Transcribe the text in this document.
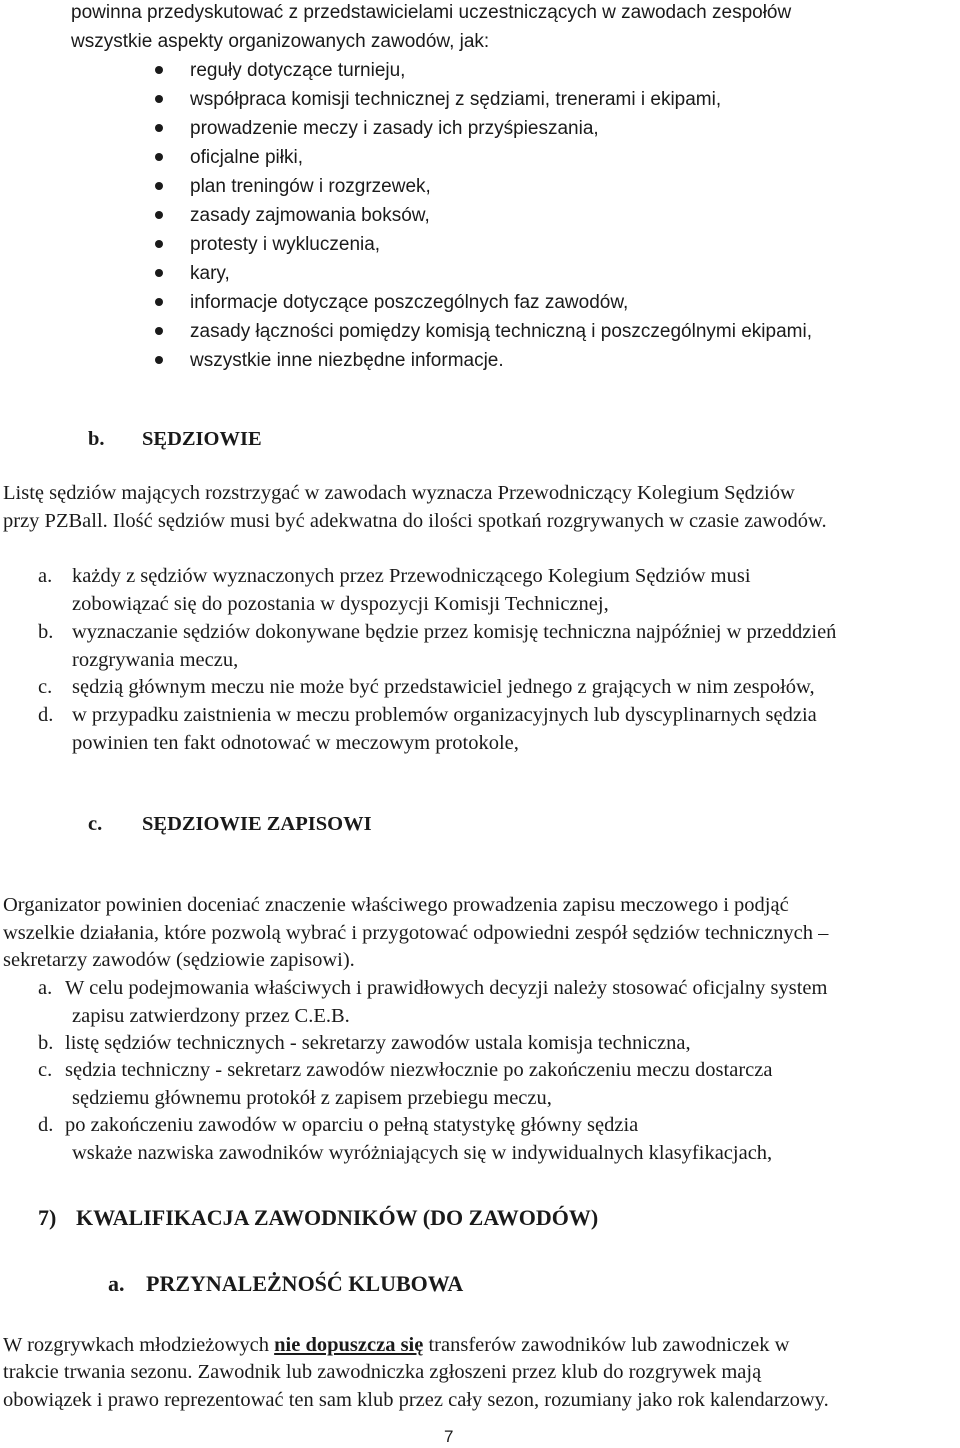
powinna przedyskutować z przedstawicielami uczestniczących w zawodach zespołów
wszystkie aspekty organizowanych zawodów, jak:
reguły dotyczące turnieju,
współpraca komisji technicznej z sędziami, trenerami i ekipami,
prowadzenie meczy i zasady ich przyśpieszania,
oficjalne piłki,
plan treningów i rozgrzewek,
zasady zajmowania boksów,
protesty i wykluczenia,
kary,
informacje dotyczące poszczególnych faz zawodów,
zasady łączności pomiędzy komisją techniczną i poszczególnymi ekipami,
wszystkie inne niezbędne informacje.
b. SĘDZIOWIE
Listę sędziów mających rozstrzygać w zawodach wyznacza Przewodniczący Kolegium Sędziów
przy PZBall. Ilość sędziów musi być adekwatna do ilości spotkań rozgrywanych w czasie zawodów.
a. każdy z sędziów wyznaczonych przez Przewodniczącego Kolegium Sędziów musi
zobowiązać się do pozostania w dyspozycji Komisji Technicznej,
b. wyznaczanie sędziów dokonywane będzie przez komisję techniczna najpóźniej w przeddzień
rozgrywania meczu,
c. sędzią głównym meczu nie może być przedstawiciel jednego z grających w nim zespołów,
d. w przypadku zaistnienia w meczu problemów organizacyjnych lub dyscyplinarnych sędzia
powinien ten fakt odnotować w meczowym protokole,
c. SĘDZIOWIE ZAPISOWI
Organizator powinien doceniać znaczenie właściwego prowadzenia zapisu meczowego i podjąć
wszelkie działania, które pozwolą wybrać i przygotować odpowiedni zespół sędziów technicznych –
sekretarzy zawodów (sędziowie zapisowi).
a. W celu podejmowania właściwych i prawidłowych decyzji należy stosować oficjalny system
zapisu zatwierdzony przez C.E.B.
b. listę sędziów technicznych - sekretarzy zawodów ustala komisja techniczna,
c. sędzia techniczny - sekretarz zawodów niezwłocznie po zakończeniu meczu dostarcza
sędziemu głównemu protokół z zapisem przebiegu meczu,
d. po zakończeniu zawodów w oparciu o pełną statystykę główny sędzia
wskaże nazwiska zawodników wyróżniających się w indywidualnych klasyfikacjach,
7) KWALIFIKACJA ZAWODNIKÓW (DO ZAWODÓW)
a. PRZYNALEŻNOŚĆ KLUBOWA
W rozgrywkach młodzieżowych nie dopuszcza się transferów zawodników lub zawodniczek w
trakcie trwania sezonu. Zawodnik lub zawodniczka zgłoszeni przez klub do rozgrywek mają
obowiązek i prawo reprezentować ten sam klub przez cały sezon, rozumiany jako rok kalendarzowy.
7
